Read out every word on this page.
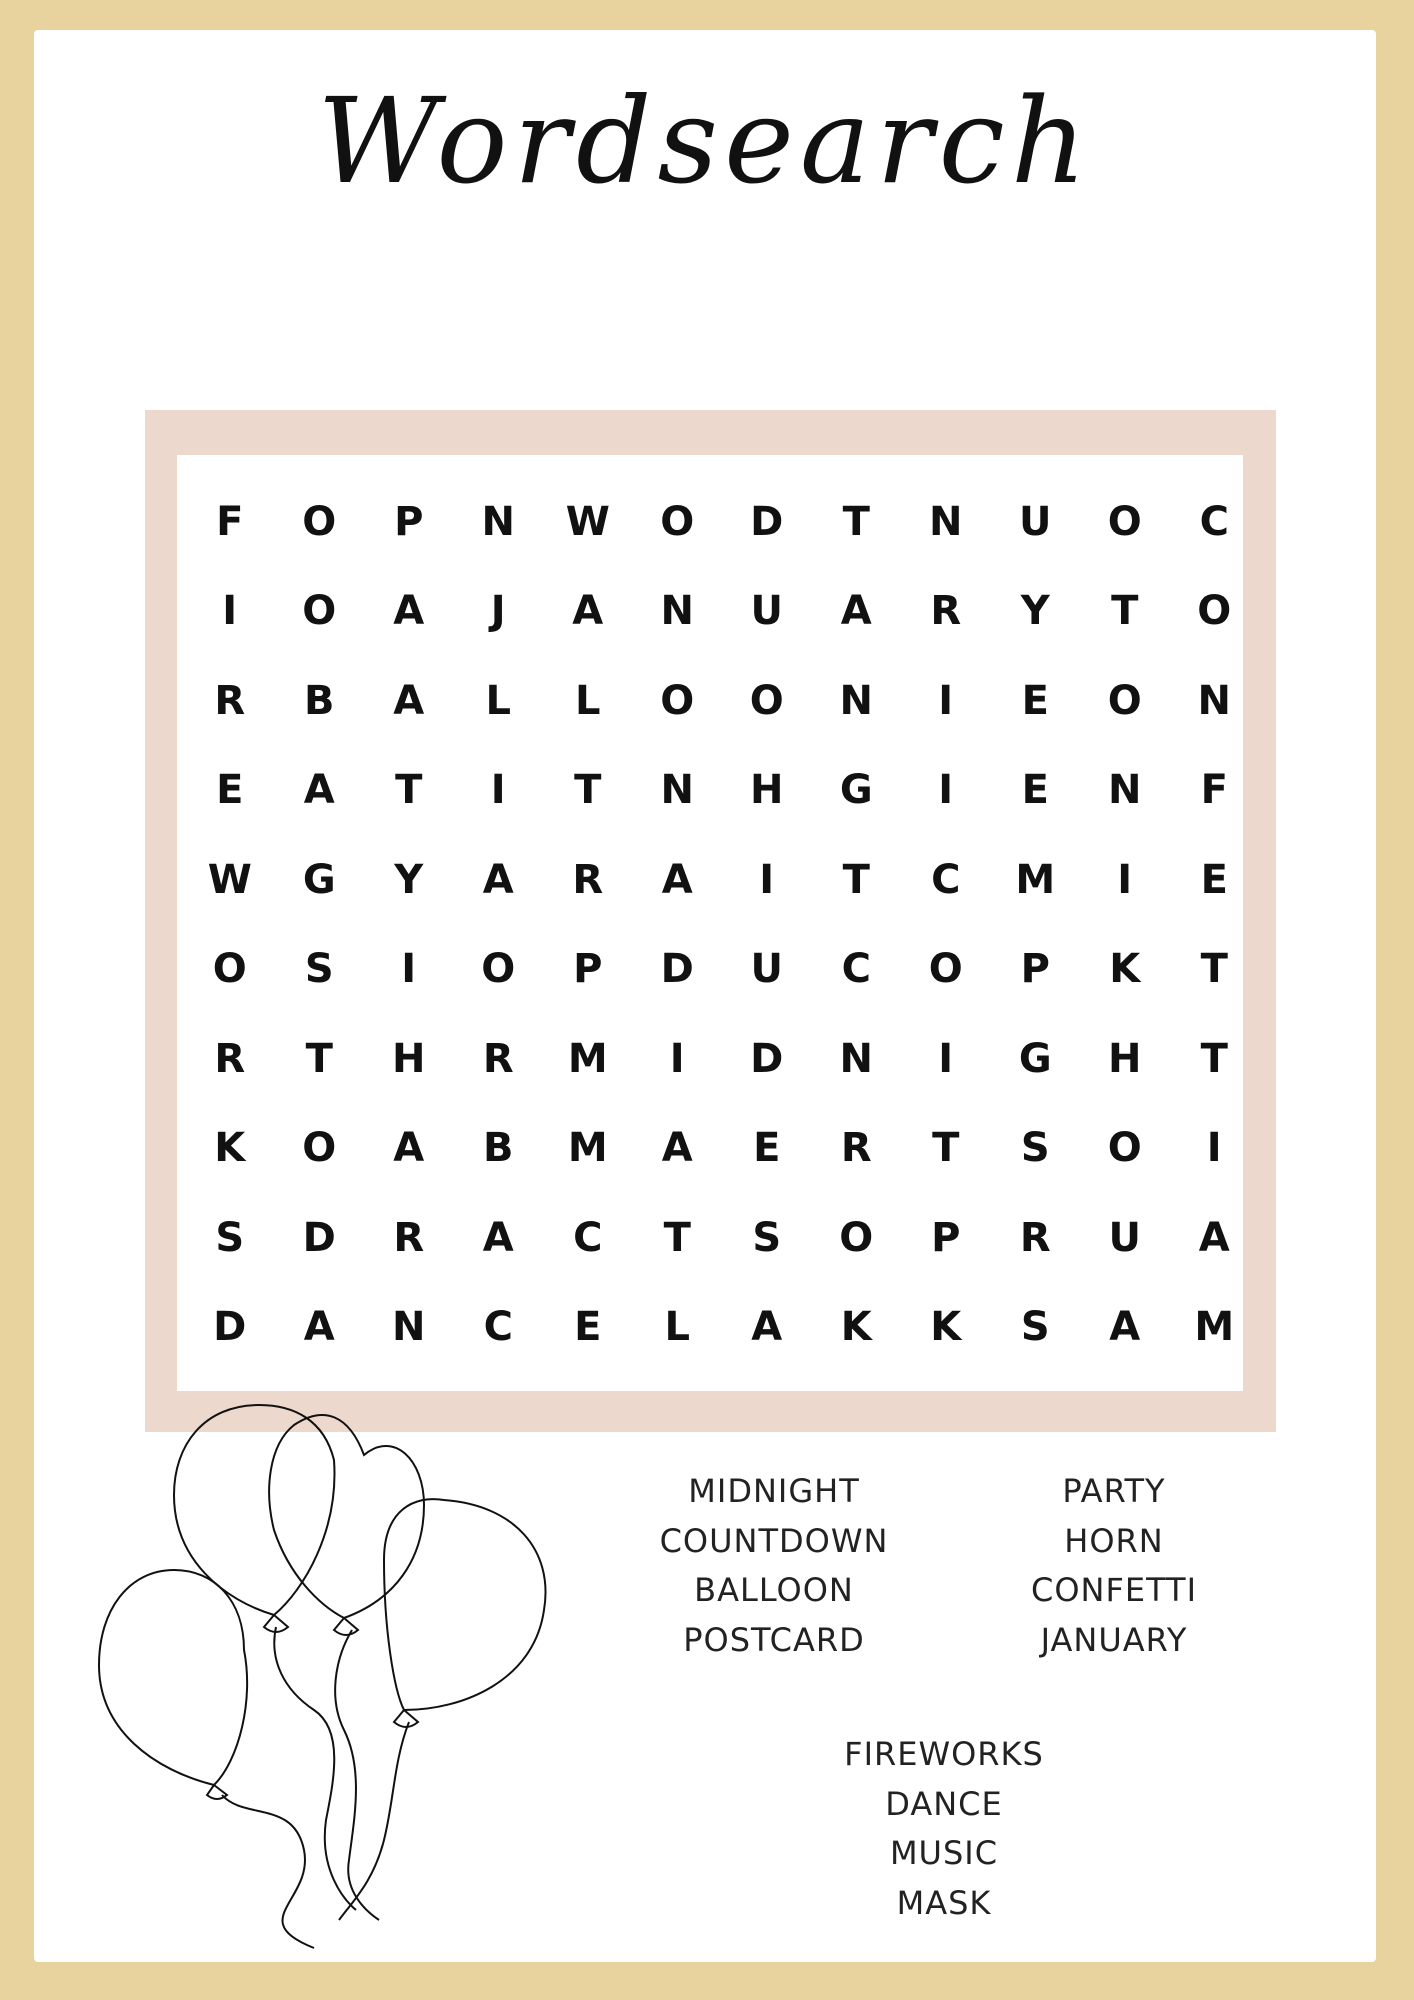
Wordsearch
F	O	P	N	W	O	D	T	N	U	O	C
I	O	A	J	A	N	U	A	R	Y	T	O
R	B	A	L	L	O	O	N	I	E	O	N
E	A	T	I	T	N	H	G	I	E	N	F
W	G	Y	A	R	A	I	T	C	M	I	E
O	S	I	O	P	D	U	C	O	P	K	T
R	T	H	R	M	I	D	N	I	G	H	T
K	O	A	B	M	A	E	R	T	S	O	I
S	D	R	A	C	T	S	O	P	R	U	A
D	A	N	C	E	L	A	K	K	S	A	M
MIDNIGHT
COUNTDOWN
BALLOON
POSTCARD
PARTY
HORN
CONFETTI
JANUARY
FIREWORKS
DANCE
MUSIC
MASK
